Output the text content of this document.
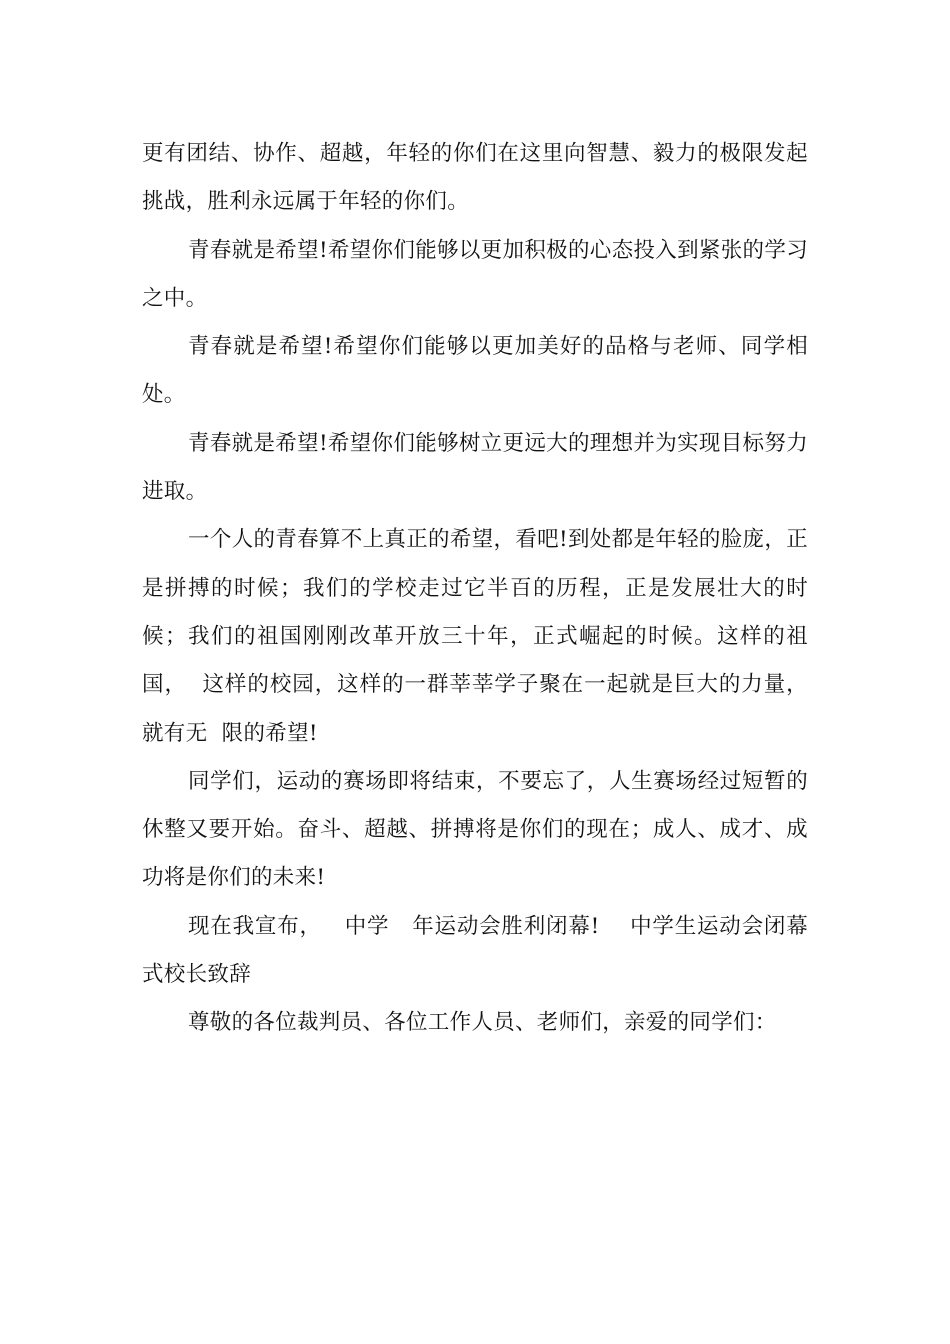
更有团结、协作、超越，年轻的你们在这里向智慧、毅力的极限发起挑战，胜利永远属于年轻的你们。

青春就是希望!希望你们能够以更加积极的心态投入到紧张的学习之中。

青春就是希望!希望你们能够以更加美好的品格与老师、同学相处。

青春就是希望!希望你们能够树立更远大的理想并为实现目标努力进取。

一个人的青春算不上真正的希望，看吧!到处都是年轻的脸庞，正是拼搏的时候；我们的学校走过它半百的历程，正是发展壮大的时候；我们的祖国刚刚改革开放三十年，正式崛起的时候。这样的祖国，  这样的校园，这样的一群莘莘学子聚在一起就是巨大的力量，就有无  限的希望!

同学们，运动的赛场即将结束，不要忘了，人生赛场经过短暂的休整又要开始。奋斗、超越、拼搏将是你们的现在；成人、成才、成功将是你们的未来!

现在我宣布，   中学   年运动会胜利闭幕!    中学生运动会闭幕式校长致辞

尊敬的各位裁判员、各位工作人员、老师们，亲爱的同学们：
